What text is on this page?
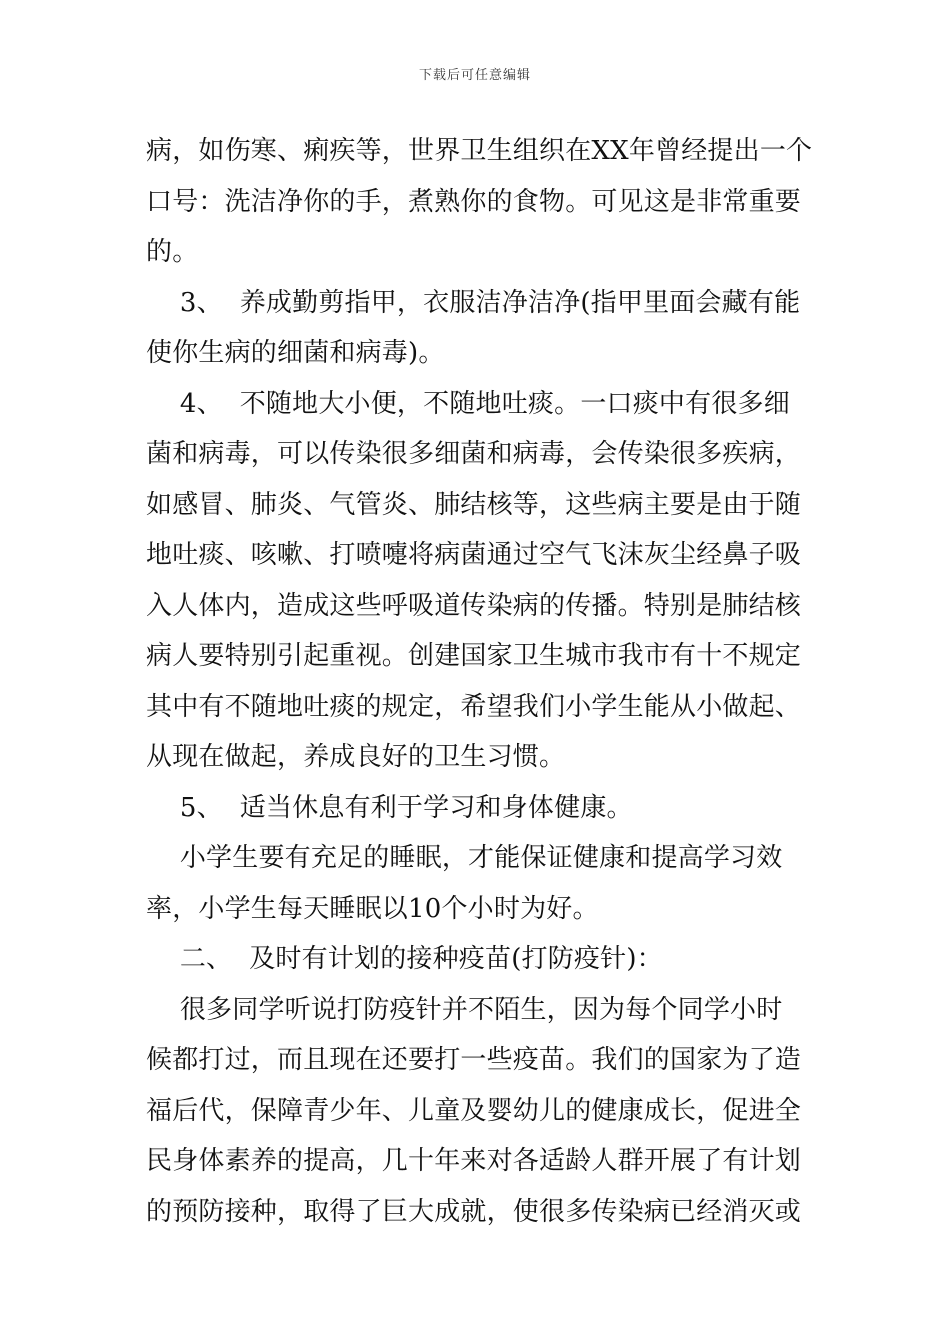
下载后可任意编辑
病，如伤寒、痢疾等，世界卫生组织在XX年曾经提出一个
口号：洗洁净你的手，煮熟你的食物。可见这是非常重要
的。
3、  养成勤剪指甲，衣服洁净洁净(指甲里面会藏有能
使你生病的细菌和病毒)。
4、  不随地大小便，不随地吐痰。一口痰中有很多细
菌和病毒，可以传染很多细菌和病毒，会传染很多疾病，
如感冒、肺炎、气管炎、肺结核等，这些病主要是由于随
地吐痰、咳嗽、打喷嚏将病菌通过空气飞沫灰尘经鼻子吸
入人体内，造成这些呼吸道传染病的传播。特别是肺结核
病人要特别引起重视。创建国家卫生城市我市有十不规定
其中有不随地吐痰的规定，希望我们小学生能从小做起、
从现在做起，养成良好的卫生习惯。
5、  适当休息有利于学习和身体健康。
小学生要有充足的睡眠，才能保证健康和提高学习效
率，小学生每天睡眠以10个小时为好。
二、  及时有计划的接种疫苗(打防疫针)：
很多同学听说打防疫针并不陌生，因为每个同学小时
候都打过，而且现在还要打一些疫苗。我们的国家为了造
福后代，保障青少年、儿童及婴幼儿的健康成长，促进全
民身体素养的提高，几十年来对各适龄人群开展了有计划
的预防接种，取得了巨大成就，使很多传染病已经消灭或
